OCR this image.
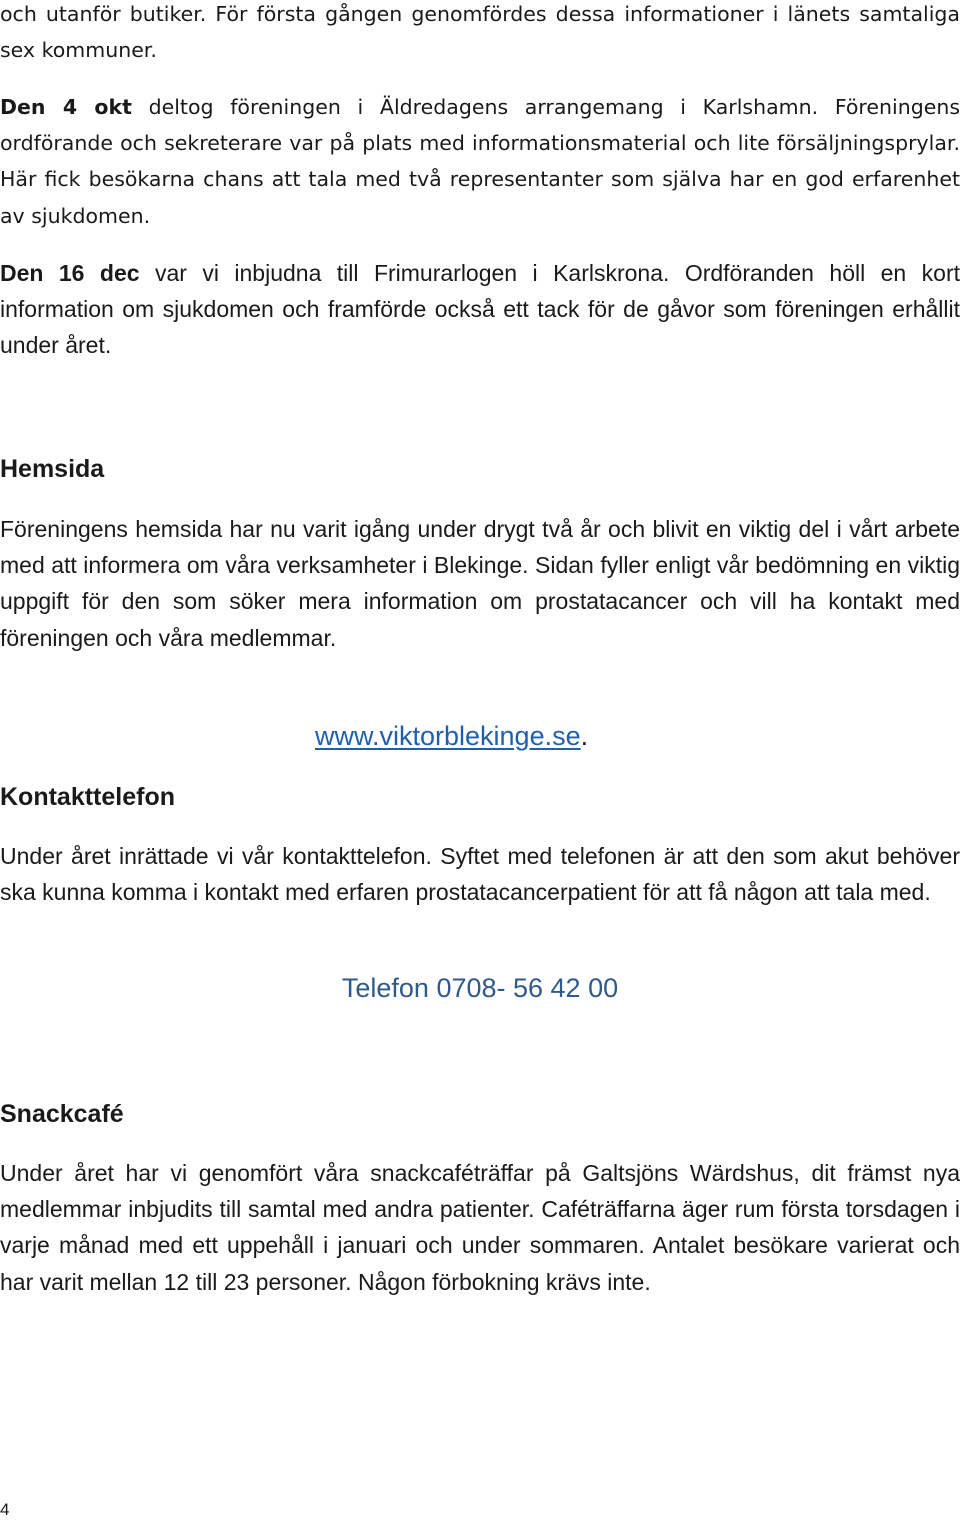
och utanför butiker. För första gången genomfördes dessa informationer i länets samtaliga sex kommuner.

Den 4 okt deltog föreningen i Äldredagens arrangemang i Karlshamn. Föreningens ordförande och sekreterare var på plats med informationsmaterial och lite försäljningsprylar. Här fick besökarna chans att tala med två representanter som själva har en god erfarenhet av sjukdomen.

Den 16 dec var vi inbjudna till Frimurarlogen i Karlskrona. Ordföranden höll en kort information om sjukdomen och framförde också ett tack för de gåvor som föreningen erhållit under året.

Hemsida

Föreningens hemsida har nu varit igång under drygt två år och blivit en viktig del i vårt arbete med att informera om våra verksamheter i Blekinge. Sidan fyller enligt vår bedömning en viktig uppgift för den som söker mera information om prostatacancer och vill ha kontakt med föreningen och våra medlemmar.

www.viktorblekinge.se.
Kontakttelefon

Under året inrättade vi vår kontakttelefon. Syftet med telefonen är att den som akut behöver ska kunna komma i kontakt med erfaren prostatacancerpatient för att få någon att tala med.

Telefon 0708- 56 42 00
Snackcafé

Under året har vi genomfört våra snackcaféträffar på Galtsjöns Wärdshus, dit främst nya medlemmar inbjudits till samtal med andra patienter. Caféträffarna äger rum första torsdagen i varje månad med ett uppehåll i januari och under sommaren. Antalet besökare varierat och har varit mellan 12 till 23 personer. Någon förbokning krävs inte.

4
